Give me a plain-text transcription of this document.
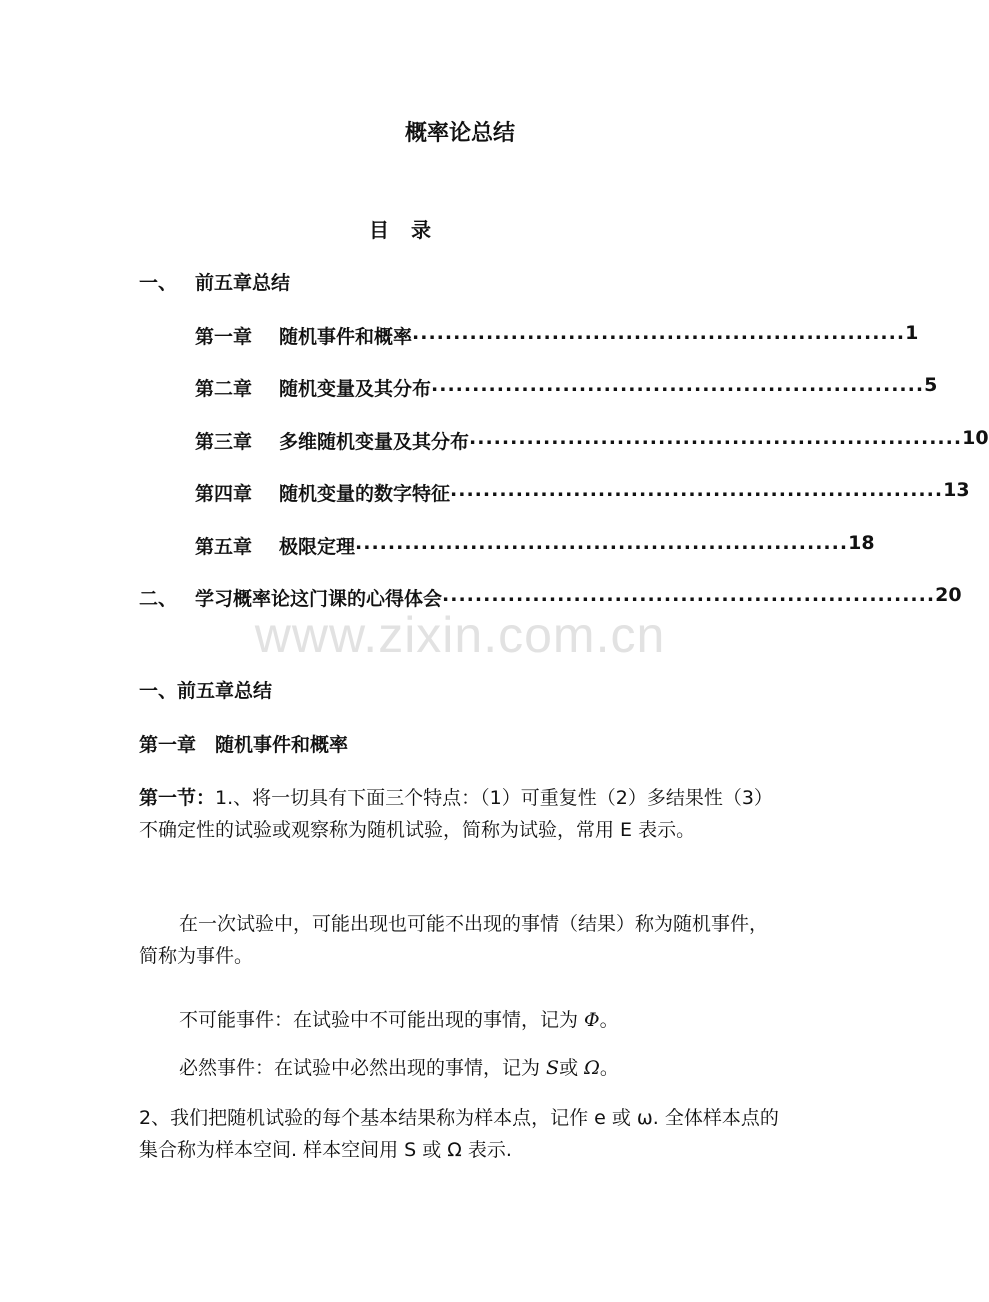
概率论总结
目 录
一、 前五章总结
第一章 随机事件和概率 ............................................................ 1
第二章 随机变量及其分布 ............................................................ 5
第三章 多维随机变量及其分布 ............................................................ 10
第四章 随机变量的数字特征 ............................................................ 13
第五章 极限定理 ............................................................ 18
二、 学习概率论这门课的心得体会 ............................................................ 20
www.zixin.com.cn
一、前五章总结
第一章　随机事件和概率
第一节：1.、将一切具有下面三个特点：（1）可重复性（2）多结果性（3）不确定性的试验或观察称为随机试验，简称为试验，常用 E 表示。
在一次试验中，可能出现也可能不出现的事情（结果）称为随机事件，简称为事件。
不可能事件：在试验中不可能出现的事情，记为 Φ。
必然事件：在试验中必然出现的事情，记为 S或 Ω。
2、我们把随机试验的每个基本结果称为样本点，记作 e 或 ω. 全体样本点的集合称为样本空间. 样本空间用 S 或 Ω 表示.
